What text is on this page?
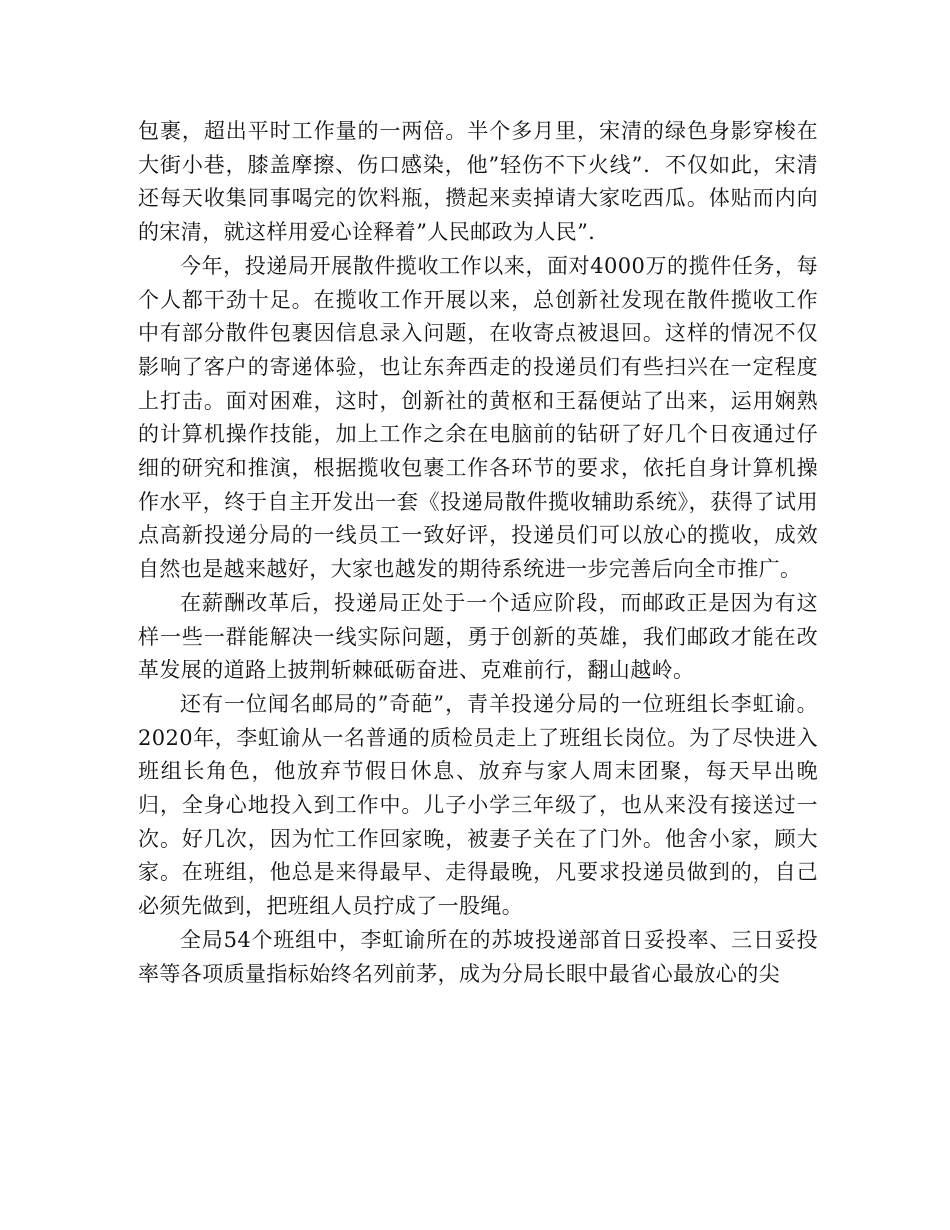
包裹，超出平时工作量的一两倍。半个多月里，宋清的绿色身影穿梭在大街小巷，膝盖摩擦、伤口感染，他”轻伤不下火线”．不仅如此，宋清还每天收集同事喝完的饮料瓶，攒起来卖掉请大家吃西瓜。体贴而内向的宋清，就这样用爱心诠释着”人民邮政为人民”．

今年，投递局开展散件揽收工作以来，面对4000万的揽件任务，每个人都干劲十足。在揽收工作开展以来，总创新社发现在散件揽收工作中有部分散件包裹因信息录入问题，在收寄点被退回。这样的情况不仅影响了客户的寄递体验，也让东奔西走的投递员们有些扫兴在一定程度上打击。面对困难，这时，创新社的黄枢和王磊便站了出来，运用娴熟的计算机操作技能，加上工作之余在电脑前的钻研了好几个日夜通过仔细的研究和推演，根据揽收包裹工作各环节的要求，依托自身计算机操作水平，终于自主开发出一套《投递局散件揽收辅助系统》，获得了试用点高新投递分局的一线员工一致好评，投递员们可以放心的揽收，成效自然也是越来越好，大家也越发的期待系统进一步完善后向全市推广。

在薪酬改革后，投递局正处于一个适应阶段，而邮政正是因为有这样一些一群能解决一线实际问题，勇于创新的英雄，我们邮政才能在改革发展的道路上披荆斩棘砥砺奋进、克难前行，翻山越岭。

还有一位闻名邮局的”奇葩”，青羊投递分局的一位班组长李虹谕。2020年，李虹谕从一名普通的质检员走上了班组长岗位。为了尽快进入班组长角色，他放弃节假日休息、放弃与家人周末团聚，每天早出晚归，全身心地投入到工作中。儿子小学三年级了，也从来没有接送过一次。好几次，因为忙工作回家晚，被妻子关在了门外。他舍小家，顾大家。在班组，他总是来得最早、走得最晚，凡要求投递员做到的，自己必须先做到，把班组人员拧成了一股绳。

全局54个班组中，李虹谕所在的苏坡投递部首日妥投率、三日妥投率等各项质量指标始终名列前茅，成为分局长眼中最省心最放心的尖
